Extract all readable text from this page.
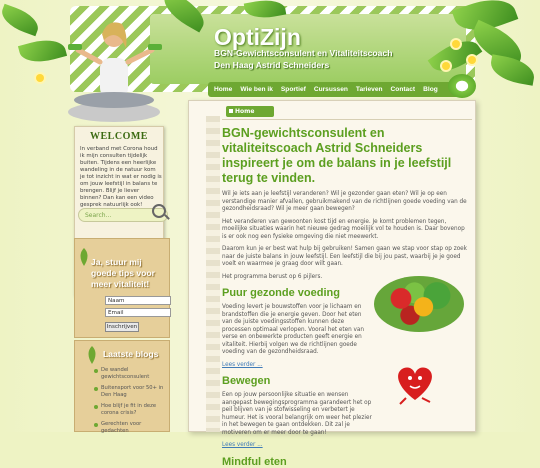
OptiZijn
BGN-Gewichtsconsulent en Vitaliteitscoach Den Haag Astrid Schneiders
Home Wie ben ik Sportief Cursussen Tarieven Contact Blog
WELCOME
In verband met Corona houd ik mijn consulten tijdelijk buiten. Tijdens een heerlijke wandeling in de natuur kom je tot inzicht in wat er nodig is om jouw leefstijl in balans te brengen. Blijf je liever binnen? Dan kan een video gesprek natuurlijk ook!
Search...
Ja, stuur mij goede tips voor meer vitaliteit!
Naam
Email
Inschrijven
Laatste blogs
De wandel gewichtsconsulent
Buitensport voor 50+ in Den Haag
Hoe blijf je fit in deze corona crisis?
Gerechten voor gedachten
Home
BGN-gewichtsconsulent en vitaliteitscoach Astrid Schneiders inspireert je om de balans in je leefstijl terug te vinden.
Wil je iets aan je leefstijl veranderen? Wil je gezonder gaan eten? Wil je op een verstandige manier afvallen, gebruikmakend van de richtlijnen goede voeding van de gezondheidsraad? Wil je meer gaan bewegen?
Het veranderen van gewoonten kost tijd en energie. Je komt problemen tegen, moeilijke situaties waarin het nieuwe gedrag moeilijk vol te houden is. Daar bovenop is er ook nog een fysieke omgeving die niet meewerkt.
Daarom kun je er best wat hulp bij gebruiken! Samen gaan we stap voor stap op zoek naar de juiste balans in jouw leefstijl. Een leefstijl die bij jou past, waarbij je je goed voelt en waarmee je graag door wilt gaan.
Het programma berust op 6 pijlers.
Puur gezonde voeding
Voeding levert je bouwstoffen voor je lichaam en brandstoffen die je energie geven. Door het eten van de juiste voedingsstoffen kunnen deze processen optimaal verlopen. Vooral het eten van verse en onbewerkte producten geeft energie en vitaliteit. Hierbij volgen we de richtlijnen goede voeding van de gezondheidsraad.
Lees verder ...
Bewegen
Een op jouw persoonlijke situatie en wensen aangepast bewegingsprogramma garandeert het op peil blijven van je stofwisseling en verbetert je humeur. Het is vooral belangrijk om weer het plezier in het bewegen te gaan ontdekken. Dit zal je motiveren om er meer door te gaan!
Lees verder ...
Mindful eten
